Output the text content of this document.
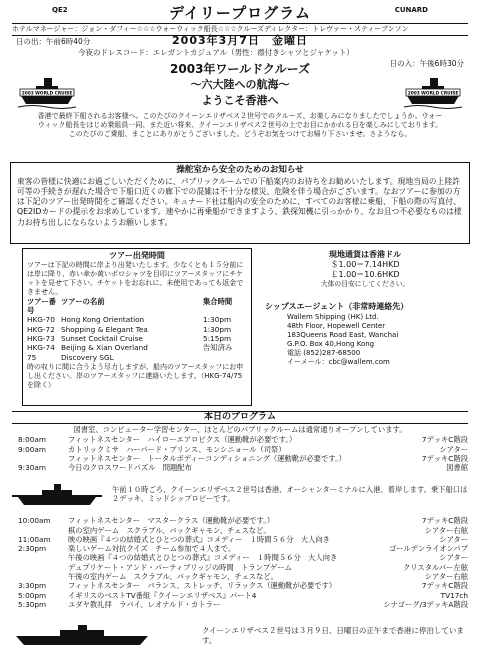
QE2	CUNARD
デイリープログラム
ホテルマネージャー：ジョン・ダフィー☆☆☆ウォーウィック船長☆☆☆クルーズディレクター：トレヴァー・スティーブンソン
日の出：午前6時40分	2003年3月7日　金曜日
日の入：午後6時30分
今夜のドレスコード：エレガントカジュアル（男性：襟付きシャツとジャケット）
2003年ワールドクルーズ
〜六大陸への航海〜
ようこそ香港へ
香港で最終下船されるお客様へ。このたびのクイーンエリザベス２世号でのクルーズ、お楽しみになりましたでしょうか。ウォーウィック船長をはじめ乗組員一同、また近い将来、クイーンエリザベス２世号の上でお目にかかれる日を楽しみにしております。このたびのご乗船、まことにありがとうございました。どうぞお気をつけてお帰り下さいませ。さようなら。
2003 WORLD CRUISE	2003 WORLD CRUISE
操舵室から安全のためのお知らせ

東客の皆様に快適にお過ごしいただくために、パブリックルームでの下船案内のお待ちをお勧めいたします。現地当局の上陸許可等の手続きが遅れた場合で下船口近くの廊下での混雑は不十分な様災、危険を伴う場合がございます。なおツアーに参加の方は下記のツアー出発時間をご確認ください。キュナード社は船内の安全のために、すべてのお客様に乗船、下船の際の写真付、QE2IDカードの提示をお求めしています。速やかに再乗船ができますよう、鉄探知機に引っかかり、なお且つ不必要なものは様力お持ち出しにならないようお願いします。

ツアー出発時間
ツアーは下記の時間に岸より出発いたします。少なくとも１５分前には岸に降り、赤い傘か黄いポロシャツを目印にツアースタッフにチケットを見せて下さい。チケットをお忘れに、未使用であっても返金できません。
ツアー番号
ツアーの名前	集合時間
HKG-70 Hong Kong Orientation	1:30pm
HKG-72 Shopping & Elegant Tea	1:30pm
HKG-73 Sunset Cocktail Cruise	5:15pm
HKG-74 Beijing & Xian Overland	告知済み
75	Discovery SGL
時の収りに間に合うよう尽力しますが、船内のツアースタッフにお申し出ください。岸のツアースタッフに連絡いたします。（HKG-74/75を除く）
現地通貨は香港ドル
＄1.00＝7.14HKD
￡1.00＝10.6HKD
大体の目安にしてください。
シップスエージェント（非常時連絡先）
Wallem Shipping (HK) Ltd.
48th Floor, Hopewell Center
183Queens Road East, Wanchai
G.P.O. Box 40,Hong Kong
電話 (852)287-68500
イーメール：cbc@wallem.com
本日のプログラム
図書室、コンピューター学習センター、ほとんどのパブリックルームは通常通りオープンしています。
8:00am	フィットネスセンター　ハイローエアロビクス（運動靴が必要です。）	7デッキC階段
9:00am	カトリックミサ　ハーパード・プリンス、モンシニョール（司祭）	シアター
フィットネスセンター　トータルボディーコンディショニング（運動靴が必要です。）	7デッキC階段
9:30am	今日のクロスワードパズル　問題配布	図書館
午前１０時ごろ、クイーンエリザベス２世号は香港、オーシャンターミナルに入港、着岸します。乗下船口は２デッキ、ミッドシップロビーです。
10:00am	フィットネスセンター　マスタークラス（運動靴が必要です。）	7デッキC階段
棋の室内ゲーム　スクラブル、バックギャモン、チェスなど。	シアター右舷
11:00am	映の映画『４つの結婚式とひとつの葬式』コメディー　１時間５６分　大人向き	シアター
2:30pm	楽しいゲーム対抗クイズ　チーム参加で４人まで。	ゴールデンライオンパブ
午後の映画『４つの結婚式とひとつの葬式』コメディー　１時間５６分　大人向き	シアター
デュプリケート・アンド・パーティブリッジの時間　トランプゲーム	クリスタルバー左舷
午後の室内ゲーム　スクラブル、バックギャモン、チェスなど。	シアター右舷
3:30pm	フィットネスセンター　バランス、ストレッチ、リラックス（運動靴が必要です）	7デッキC階段
5:00pm	イギリスのベストTV番組『クイーンエリザベス』パート4	TV17ch
5:30pm	ユダヤ教礼拝　ラバイ、レオナルド・カトラー	シナゴーグ/3デッキA階段
クイーンエリザベス２世号は３月９日、日曜日の正午まで香港に停泊しています。
